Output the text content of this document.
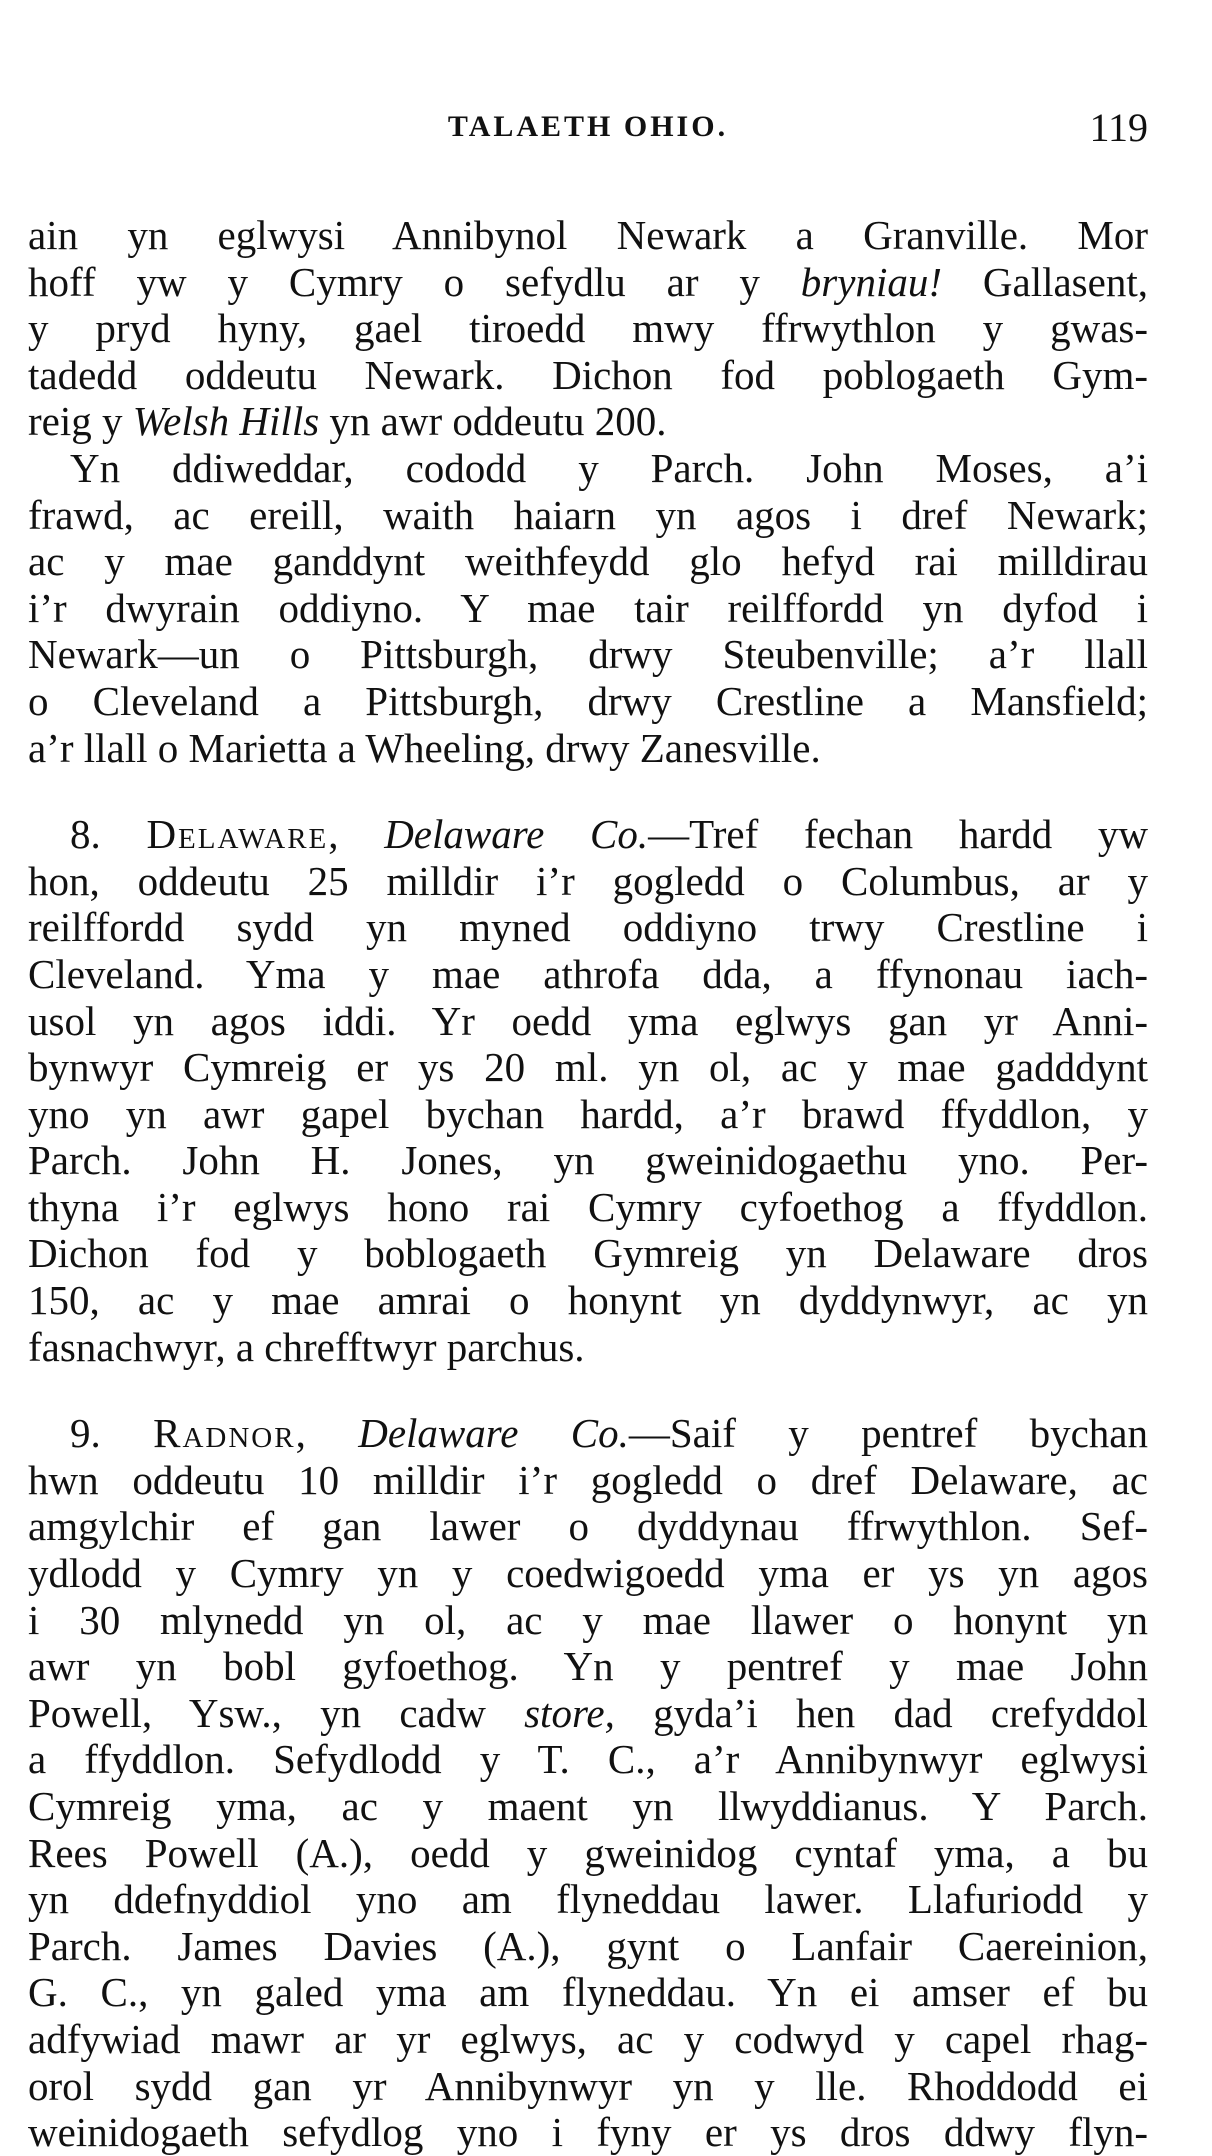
TALAETH OHIO.	119
ain yn eglwysi Annibynol Newark a Granville. Mor
hoff yw y Cymry o sefydlu ar y bryniau! Gallasent,
y pryd hyny, gael tiroedd mwy ffrwythlon y gwas-
tadedd oddeutu Newark. Dichon fod poblogaeth Gym-
reig y Welsh Hills yn awr oddeutu 200.
Yn ddiweddar, cododd y Parch. John Moses, a’i
frawd, ac ereill, waith haiarn yn agos i dref Newark;
ac y mae ganddynt weithfeydd glo hefyd rai milldirau
i’r dwyrain oddiyno. Y mae tair reilffordd yn dyfod i
Newark—un o Pittsburgh, drwy Steubenville; a’r llall
o Cleveland a Pittsburgh, drwy Crestline a Mansfield;
a’r llall o Marietta a Wheeling, drwy Zanesville.
8. Delaware, Delaware Co.—Tref fechan hardd yw
hon, oddeutu 25 milldir i’r gogledd o Columbus, ar y
reilffordd sydd yn myned oddiyno trwy Crestline i
Cleveland. Yma y mae athrofa dda, a ffynonau iach-
usol yn agos iddi. Yr oedd yma eglwys gan yr Anni-
bynwyr Cymreig er ys 20 ml. yn ol, ac y mae gadddynt
yno yn awr gapel bychan hardd, a’r brawd ffyddlon, y
Parch. John H. Jones, yn gweinidogaethu yno. Per-
thyna i’r eglwys hono rai Cymry cyfoethog a ffyddlon.
Dichon fod y boblogaeth Gymreig yn Delaware dros
150, ac y mae amrai o honynt yn dyddynwyr, ac yn
fasnachwyr, a chrefftwyr parchus.
9. Radnor, Delaware Co.—Saif y pentref bychan
hwn oddeutu 10 milldir i’r gogledd o dref Delaware, ac
amgylchir ef gan lawer o dyddynau ffrwythlon. Sef-
ydlodd y Cymry yn y coedwigoedd yma er ys yn agos
i 30 mlynedd yn ol, ac y mae llawer o honynt yn
awr yn bobl gyfoethog. Yn y pentref y mae John
Powell, Ysw., yn cadw store, gyda’i hen dad crefyddol
a ffyddlon. Sefydlodd y T. C., a’r Annibynwyr eglwysi
Cymreig yma, ac y maent yn llwyddianus. Y Parch.
Rees Powell (A.), oedd y gweinidog cyntaf yma, a bu
yn ddefnyddiol yno am flyneddau lawer. Llafuriodd y
Parch. James Davies (A.), gynt o Lanfair Caereinion,
G. C., yn galed yma am flyneddau. Yn ei amser ef bu
adfywiad mawr ar yr eglwys, ac y codwyd y capel rhag-
orol sydd gan yr Annibynwyr yn y lle. Rhoddodd ei
weinidogaeth sefydlog yno i fyny er ys dros ddwy flyn-
